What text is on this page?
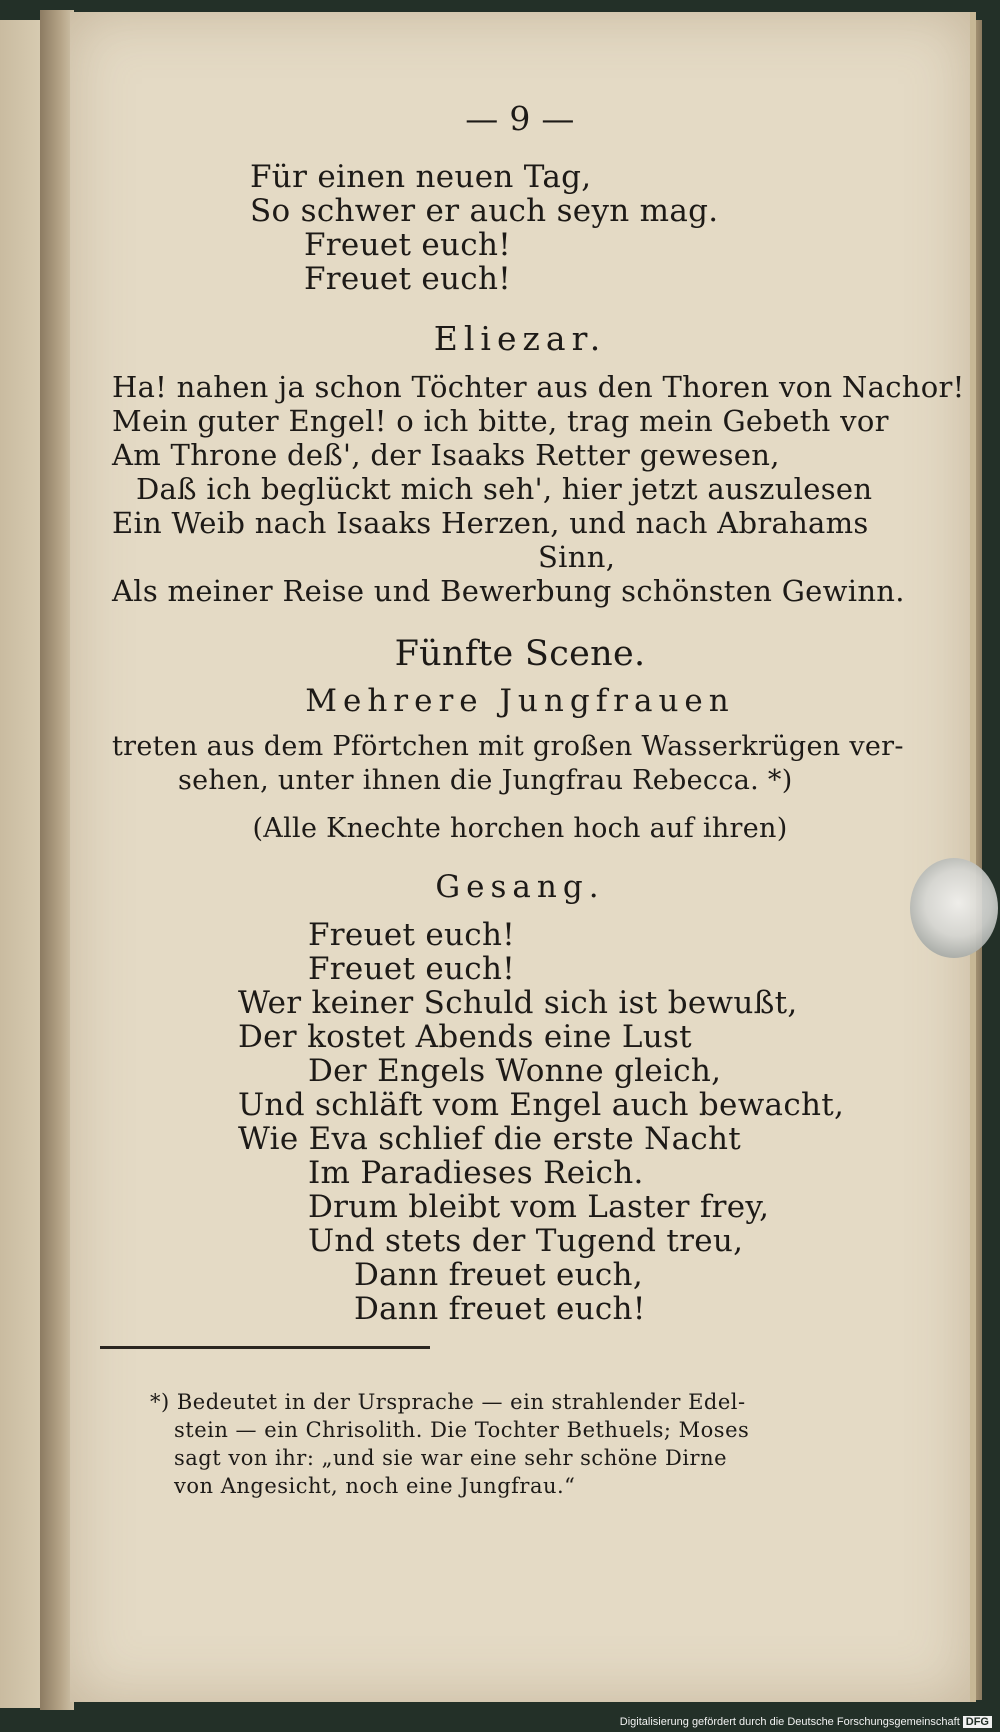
— 9 —
Für einen neuen Tag,
So schwer er auch seyn mag.
Freuet euch!
Freuet euch!
Eliezar.
Ha! nahen ja schon Töchter aus den Thoren von Nachor!
Mein guter Engel! o ich bitte, trag mein Gebeth vor
Am Throne deß', der Isaaks Retter gewesen,
Daß ich beglückt mich seh', hier jetzt auszulesen
Ein Weib nach Isaaks Herzen, und nach Abrahams
Sinn,
Als meiner Reise und Bewerbung schönsten Gewinn.
Fünfte Scene.
Mehrere Jungfrauen
treten aus dem Pförtchen mit großen Wasserkrügen ver-
sehen, unter ihnen die Jungfrau Rebecca. *)
(Alle Knechte horchen hoch auf ihren)
Gesang.
Freuet euch!
Freuet euch!
Wer keiner Schuld sich ist bewußt,
Der kostet Abends eine Lust
Der Engels Wonne gleich,
Und schläft vom Engel auch bewacht,
Wie Eva schlief die erste Nacht
Im Paradieses Reich.
Drum bleibt vom Laster frey,
Und stets der Tugend treu,
Dann freuet euch,
Dann freuet euch!
*) Bedeutet in der Ursprache — ein strahlender Edel-
stein — ein Chrisolith. Die Tochter Bethuels; Moses
sagt von ihr: „und sie war eine sehr schöne Dirne
von Angesicht, noch eine Jungfrau.“
Digitalisierung gefördert durch die Deutsche Forschungsgemeinschaft DFG
